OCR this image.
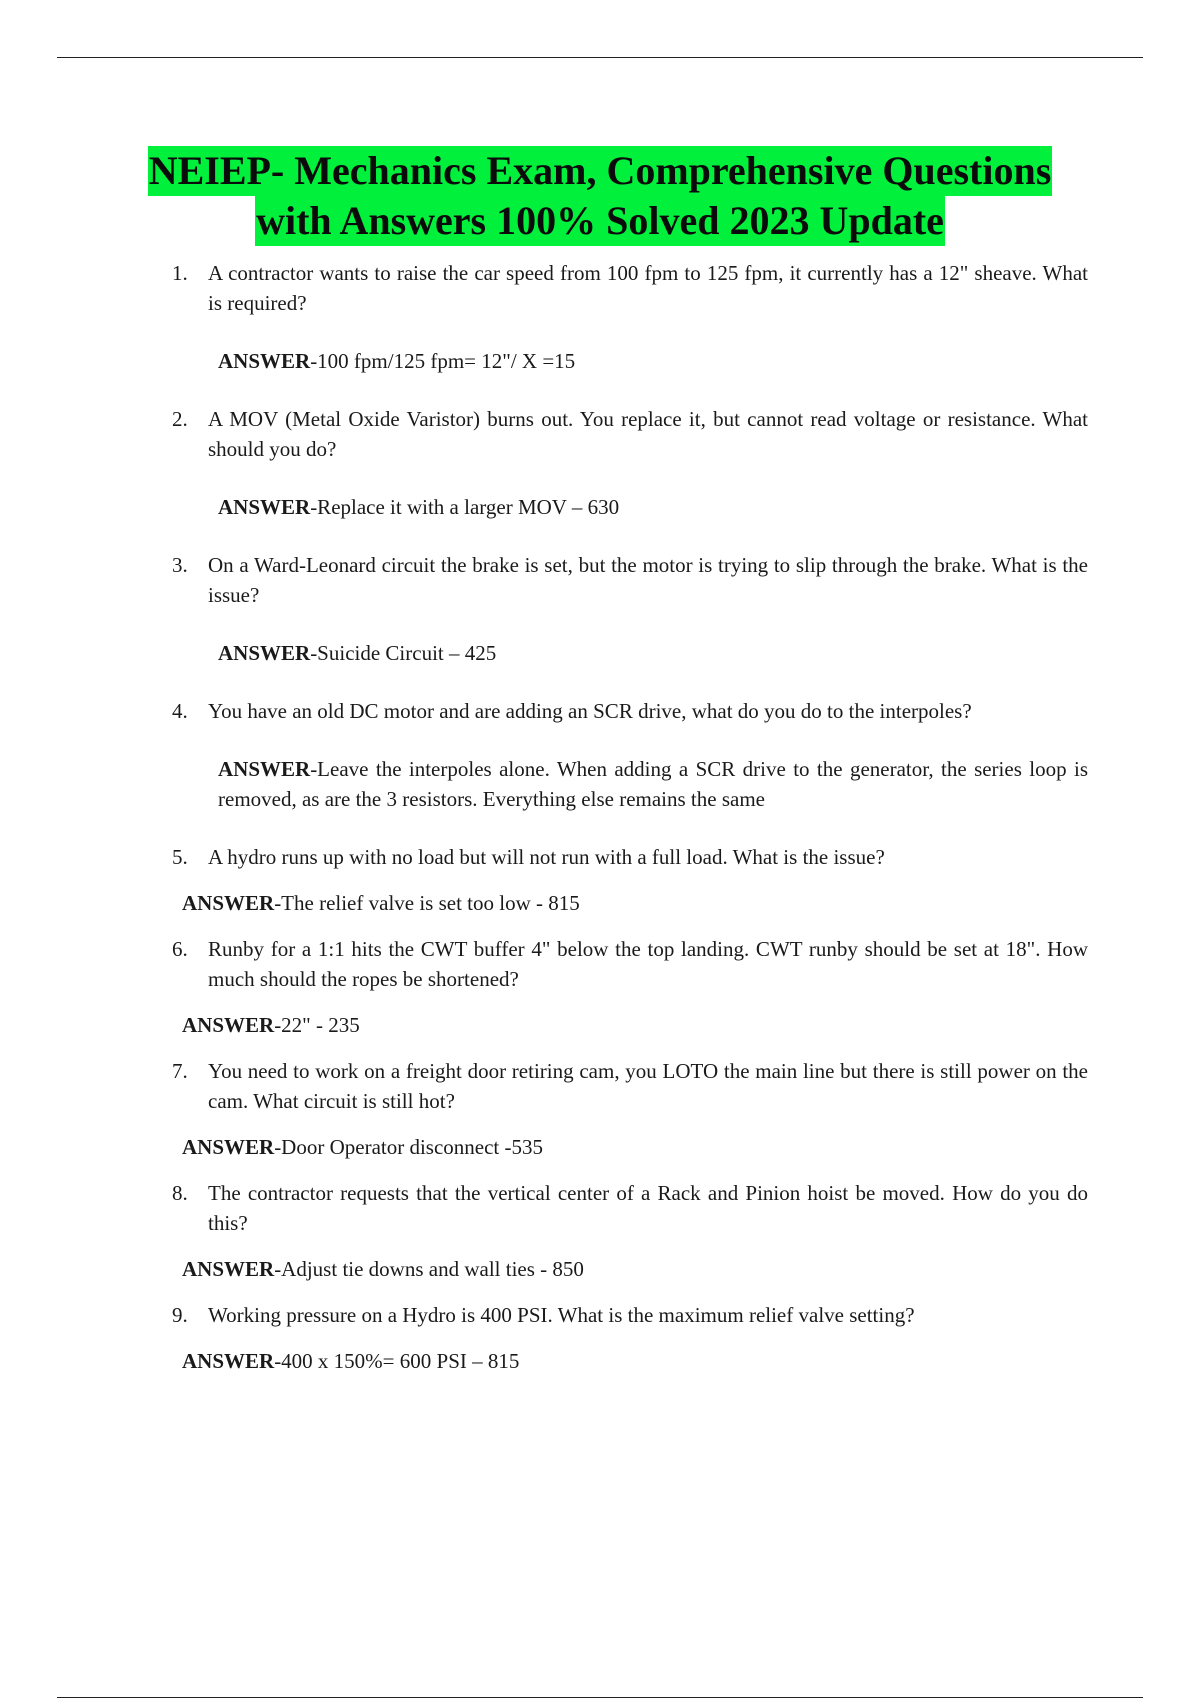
NEIEP- Mechanics Exam, Comprehensive Questions
with Answers 100% Solved 2023 Update
1. A contractor wants to raise the car speed from 100 fpm to 125 fpm, it currently has a 12" sheave. What is required?
ANSWER-100 fpm/125 fpm= 12"/ X =15
2. A MOV (Metal Oxide Varistor) burns out. You replace it, but cannot read voltage or resistance. What should you do?
ANSWER-Replace it with a larger MOV – 630
3. On a Ward-Leonard circuit the brake is set, but the motor is trying to slip through the brake. What is the issue?
ANSWER-Suicide Circuit – 425
4. You have an old DC motor and are adding an SCR drive, what do you do to the interpoles?
ANSWER-Leave the interpoles alone. When adding a SCR drive to the generator, the series loop is removed, as are the 3 resistors. Everything else remains the same
5. A hydro runs up with no load but will not run with a full load. What is the issue?
ANSWER-The relief valve is set too low - 815
6. Runby for a 1:1 hits the CWT buffer 4" below the top landing. CWT runby should be set at 18". How much should the ropes be shortened?
ANSWER-22" - 235
7. You need to work on a freight door retiring cam, you LOTO the main line but there is still power on the cam. What circuit is still hot?
ANSWER-Door Operator disconnect -535
8. The contractor requests that the vertical center of a Rack and Pinion hoist be moved. How do you do this?
ANSWER-Adjust tie downs and wall ties - 850
9. Working pressure on a Hydro is 400 PSI. What is the maximum relief valve setting?
ANSWER-400 x 150%= 600 PSI – 815
